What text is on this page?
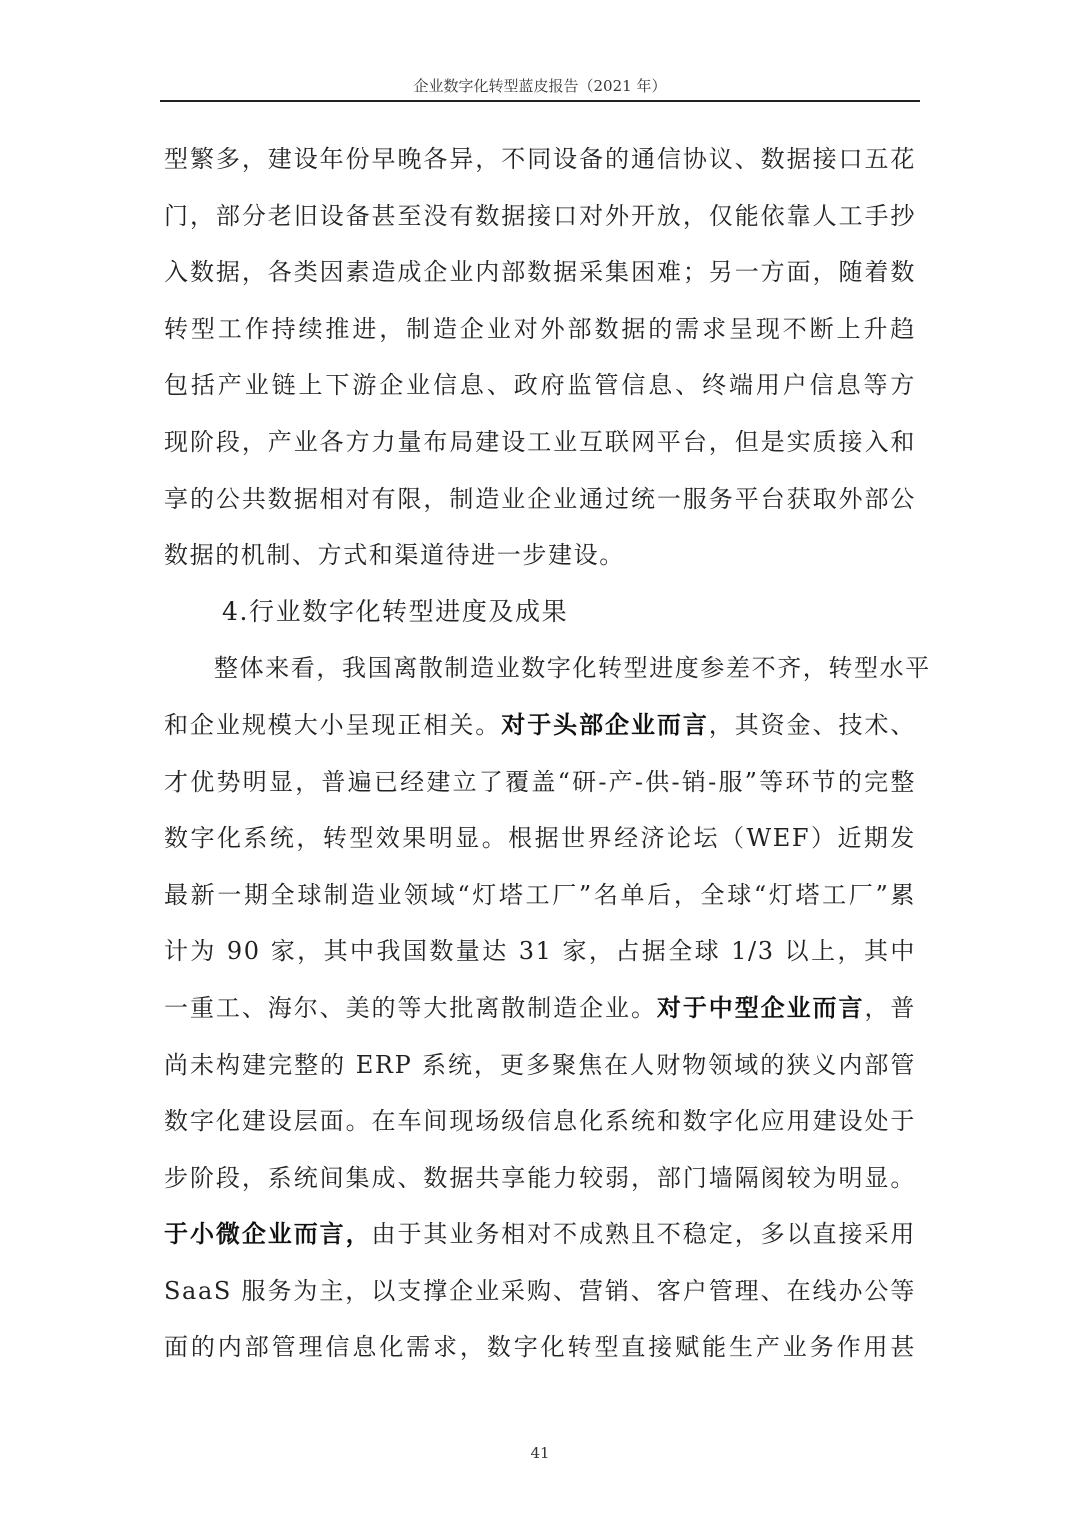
企业数字化转型蓝皮报告（2021 年）
型繁多，建设年份早晚各异，不同设备的通信协议、数据接口五花
门，部分老旧设备甚至没有数据接口对外开放，仅能依靠人工手抄
入数据，各类因素造成企业内部数据采集困难；另一方面，随着数
转型工作持续推进，制造企业对外部数据的需求呈现不断上升趋
包括产业链上下游企业信息、政府监管信息、终端用户信息等方
现阶段，产业各方力量布局建设工业互联网平台，但是实质接入和
享的公共数据相对有限，制造业企业通过统一服务平台获取外部公
数据的机制、方式和渠道待进一步建设。
4.行业数字化转型进度及成果
整体来看，我国离散制造业数字化转型进度参差不齐，转型水平
和企业规模大小呈现正相关。对于头部企业而言，其资金、技术、
才优势明显，普遍已经建立了覆盖“研-产-供-销-服”等环节的完整
数字化系统，转型效果明显。根据世界经济论坛（WEF）近期发
最新一期全球制造业领域“灯塔工厂”名单后，全球“灯塔工厂”累
计为 90 家，其中我国数量达 31 家，占据全球 1/3 以上，其中
一重工、海尔、美的等大批离散制造企业。对于中型企业而言，普
尚未构建完整的 ERP 系统，更多聚焦在人财物领域的狭义内部管
数字化建设层面。在车间现场级信息化系统和数字化应用建设处于
步阶段，系统间集成、数据共享能力较弱，部门墙隔阂较为明显。
于小微企业而言，由于其业务相对不成熟且不稳定，多以直接采用
SaaS 服务为主，以支撑企业采购、营销、客户管理、在线办公等
面的内部管理信息化需求，数字化转型直接赋能生产业务作用甚
41
